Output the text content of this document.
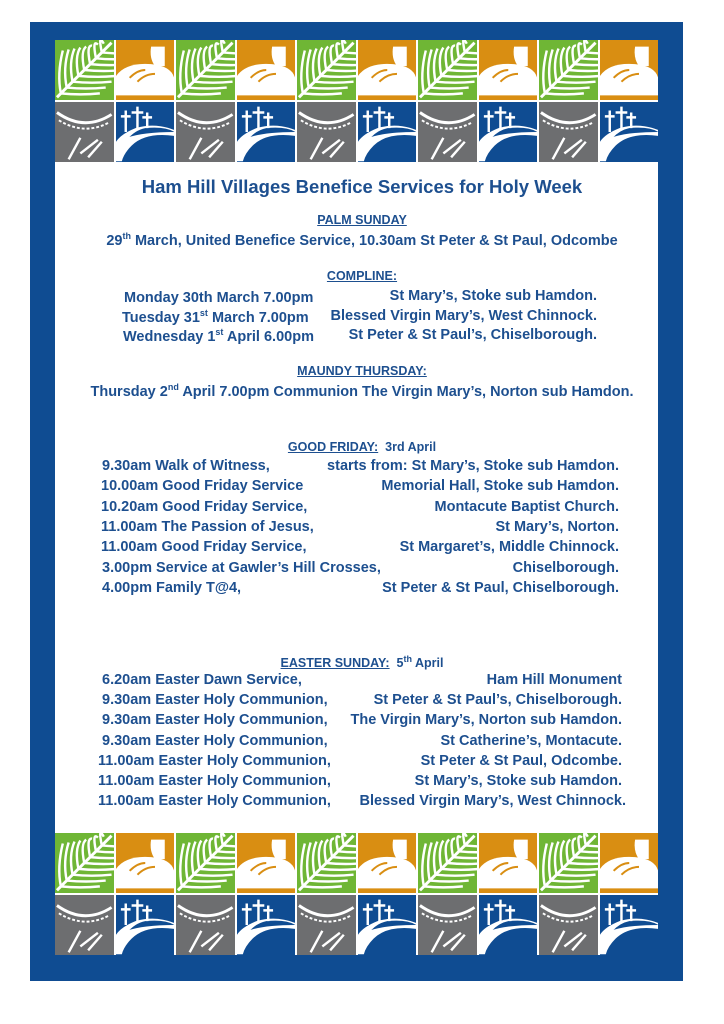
Ham Hill Villages Benefice Services for Holy Week
PALM SUNDAY
29th March, United Benefice Service, 10.30am St Peter & St Paul, Odcombe
COMPLINE:
Monday 30th March 7.00pm	St Mary’s, Stoke sub Hamdon.
Tuesday 31st March 7.00pm Blessed Virgin Mary’s, West Chinnock.
Wednesday 1st April 6.00pm St Peter & St Paul’s, Chiselborough.
MAUNDY THURSDAY:
Thursday 2nd April 7.00pm Communion The Virgin Mary’s, Norton sub Hamdon.
GOOD FRIDAY: 3rd April
9.30am Walk of Witness,	starts from: St Mary’s, Stoke sub Hamdon.
10.00am Good Friday Service	Memorial Hall, Stoke sub Hamdon.
10.20am Good Friday Service,	Montacute Baptist Church.
11.00am The Passion of Jesus,	St Mary’s, Norton.
11.00am Good Friday Service,	St Margaret’s, Middle Chinnock.
3.00pm Service at Gawler’s Hill Crosses,	Chiselborough.
4.00pm Family T@4,	St Peter & St Paul, Chiselborough.
EASTER SUNDAY: 5th April
6.20am Easter Dawn Service,	Ham Hill Monument
9.30am Easter Holy Communion,	St Peter & St Paul’s, Chiselborough.
9.30am Easter Holy Communion, The Virgin Mary’s, Norton sub Hamdon.
9.30am Easter Holy Communion,	St Catherine’s, Montacute.
11.00am Easter Holy Communion,	St Peter & St Paul, Odcombe.
11.00am Easter Holy Communion,	St Mary’s, Stoke sub Hamdon.
11.00am Easter Holy Communion, Blessed Virgin Mary’s, West Chinnock.
